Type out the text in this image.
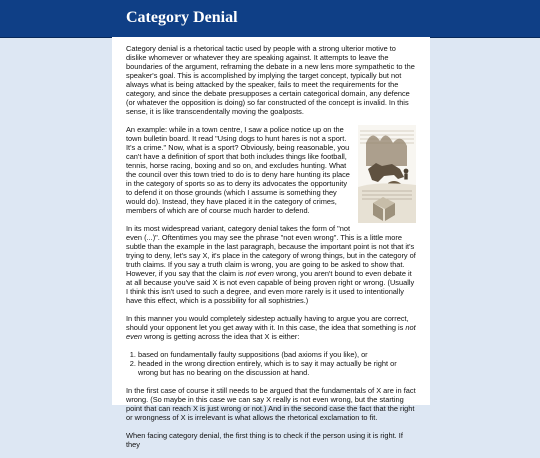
Category Denial

Category denial is a rhetorical tactic used by people with a strong ulterior motive to dislike whomever or whatever they are speaking against. It attempts to leave the boundaries of the argument, reframing the debate in a new lens more sympathetic to the speaker's goal. This is accomplished by implying the target concept, typically but not always what is being attacked by the speaker, fails to meet the requirements for the category, and since the debate presupposes a certain categorical domain, any defence (or whatever the opposition is doing) so far constructed of the concept is invalid. In this sense, it is like transcendentally moving the goalposts.

An example: while in a town centre, I saw a police notice up on the town bulletin board. It read "Using dogs to hunt hares is not a sport. It's a crime." Now, what is a sport? Obviously, being reasonable, you can't have a definition of sport that both includes things like football, tennis, horse racing, boxing and so on, and excludes hunting. What the council over this town tried to do is to deny hare hunting its place in the category of sports so as to deny its advocates the opportunity to defend it on those grounds (which I assume is something they would do). Instead, they have placed it in the category of crimes, members of which are of course much harder to defend.

In its most widespread variant, category denial takes the form of "not even (...)". Oftentimes you may see the phrase "not even wrong". This is a little more subtle than the example in the last paragraph, because the important point is not that it's trying to deny, let's say X, it's place in the category of wrong things, but in the category of truth claims. If you say a truth claim is wrong, you are going to be asked to show that. However, if you say that the claim is not even wrong, you aren't bound to even debate it at all because you've said X is not even capable of being proven right or wrong. (Usually I think this isn't used to such a degree, and even more rarely is it used to intentionally have this effect, which is a possibility for all sophistries.)

In this manner you would completely sidestep actually having to argue you are correct, should your opponent let you get away with it. In this case, the idea that something is not even wrong is getting across the idea that X is either:

1. based on fundamentally faulty suppositions (bad axioms if you like), or
2. headed in the wrong direction entirely, which is to say it may actually be right or wrong but has no bearing on the discussion at hand.

In the first case of course it still needs to be argued that the fundamentals of X are in fact wrong. (So maybe in this case we can say X really is not even wrong, but the starting point that can reach X is just wrong or not.) And in the second case the fact that the right or wrongness of X is irrelevant is what allows the rhetorical exclamation to fit.

When facing category denial, the first thing is to check if the person using it is right. If they
